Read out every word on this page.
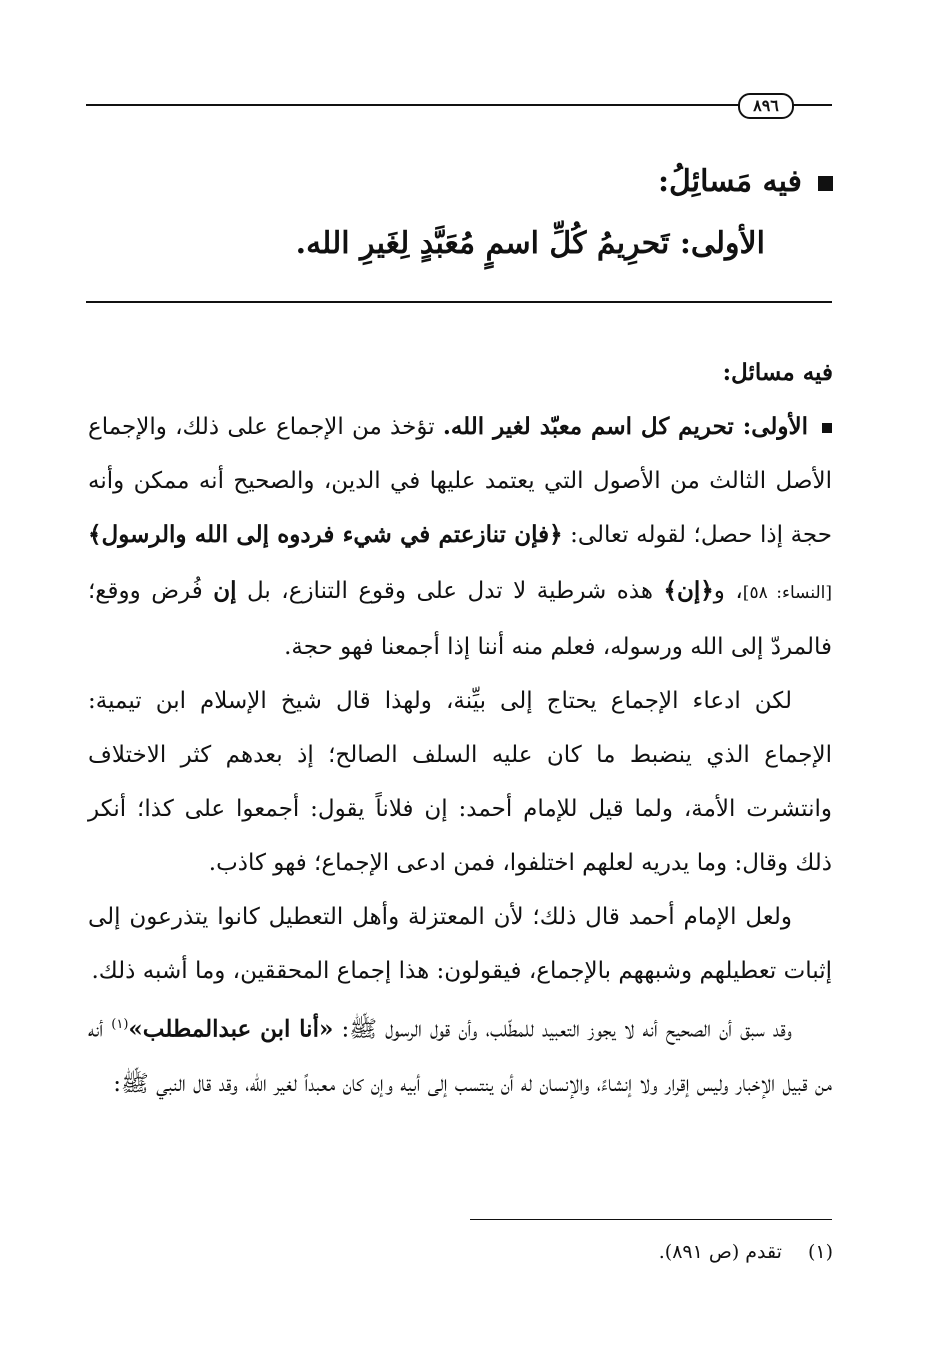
٨٩٦
فيه مَسائِلُ:
الأولى: تَحرِيمُ كُلِّ اسمٍ مُعَبَّدٍ لِغَيرِ الله.
فيه مسائل:

الأولى: تحريم كل اسم معبّد لغير الله. تؤخذ من الإجماع على ذلك، والإجماع الأصل الثالث من الأصول التي يعتمد عليها في الدين، والصحيح أنه ممكن وأنه حجة إذا حصل؛ لقوله تعالى: ﴿فإن تنازعتم في شيء فردوه إلى الله والرسول﴾ [النساء: ٥٨]، و﴿إن﴾ هذه شرطية لا تدل على وقوع التنازع، بل إن فُرض ووقع؛ فالمردّ إلى الله ورسوله، فعلم منه أننا إذا أجمعنا فهو حجة.

لكن ادعاء الإجماع يحتاج إلى بيِّنة، ولهذا قال شيخ الإسلام ابن تيمية: الإجماع الذي ينضبط ما كان عليه السلف الصالح؛ إذ بعدهم كثر الاختلاف وانتشرت الأمة، ولما قيل للإمام أحمد: إن فلاناً يقول: أجمعوا على كذا؛ أنكر ذلك وقال: وما يدريه لعلهم اختلفوا، فمن ادعى الإجماع؛ فهو كاذب.

ولعل الإمام أحمد قال ذلك؛ لأن المعتزلة وأهل التعطيل كانوا يتذرعون إلى إثبات تعطيلهم وشبههم بالإجماع، فيقولون: هذا إجماع المحققين، وما أشبه ذلك.

وقد سبق أن الصحيح أنه لا يجوز التعبيد للمطّلب، وأن قول الرسول ﷺ: «أنا ابن عبدالمطلب»$^{(١)}$ أنه من قبيل الإخبار وليس إقرار ولا إنشاءً، والإنسان له أن ينتسب إلى أبيه وإن كان معبداً لغير الله، وقد قال النبي ﷺ:

(١)تقدم (ص ٨٩١).
